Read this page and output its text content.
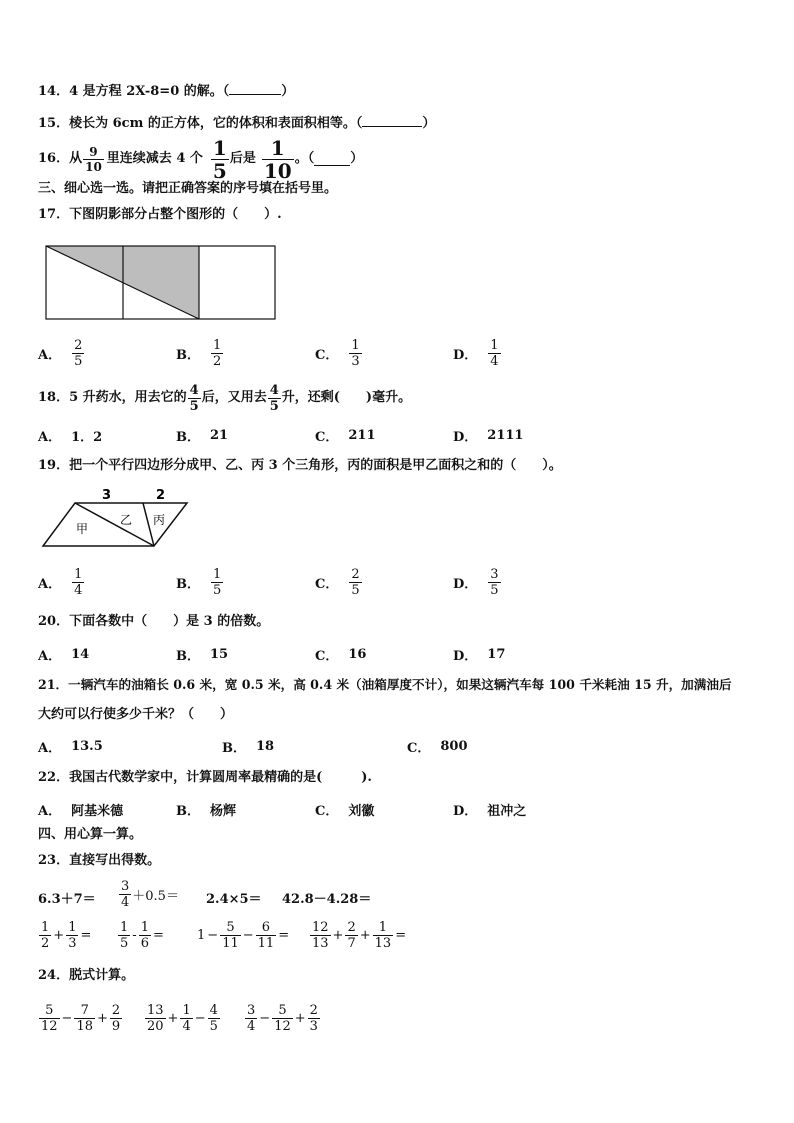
14．4 是方程 2X-8=0 的解。（	）
15．棱长为 6cm 的正方体，它的体积和表面积相等。（	）
16．从 $\frac{9}{10}$ 里连续减去 4 个 $\frac{1}{5}$ 后是 $\frac{1}{10}$ 。（	）
三、细心选一选。请把正确答案的序号填在括号里。
17．下图阴影部分占整个图形的（　　）.
A． $\frac{2}{5}$	B． $\frac{1}{2}$	C． $\frac{1}{3}$	D． $\frac{1}{4}$
18．5 升药水，用去它的 $\frac{4}{5}$ 后，又用去 $\frac{4}{5}$ 升，还剩(　　)毫升。
A． 1．2	B． 21	C． 211	D． 2111
19．把一个平行四边形分成甲、乙、丙 3 个三角形，丙的面积是甲乙面积之和的（　　）。
3	2
甲
乙 丙
A． $\frac{1}{4}$	B． $\frac{1}{5}$	C． $\frac{2}{5}$	D． $\frac{3}{5}$
20．下面各数中（　　）是 3 的倍数。
A． 14	B． 15	C． 16	D． 17
21．一辆汽车的油箱长 0.6 米，宽 0.5 米，高 0.4 米（油箱厚度不计），如果这辆汽车每 100 千米耗油 15 升，加满油后
大约可以行使多少千米？（　　）
A． 13.5	B． 18	C． 800
22．我国古代数学家中，计算圆周率最精确的是(　　　).
A． 阿基米德	B． 杨辉	C． 刘徽	D． 祖冲之
四、用心算一算。
23．直接写出得数。
$6.3+7= \frac{3}{4} +0.5= 2.4\times 5= 42.8-4.28=$
$\frac{1}{2} + \frac{1}{3} = \frac{1}{5} - \frac{1}{6}$ =	$1 - \frac{5}{11} - \frac{6}{11} = \frac{12}{13} + \frac{2}{7} + \frac{1}{13}$ =
24．脱式计算。
$\frac{5}{12} - \frac{7}{18} + \frac{2}{9} \frac{13}{20} + \frac{1}{4} - \frac{4}{5} \frac{3}{4} - \frac{5}{12} + \frac{2}{3}$
